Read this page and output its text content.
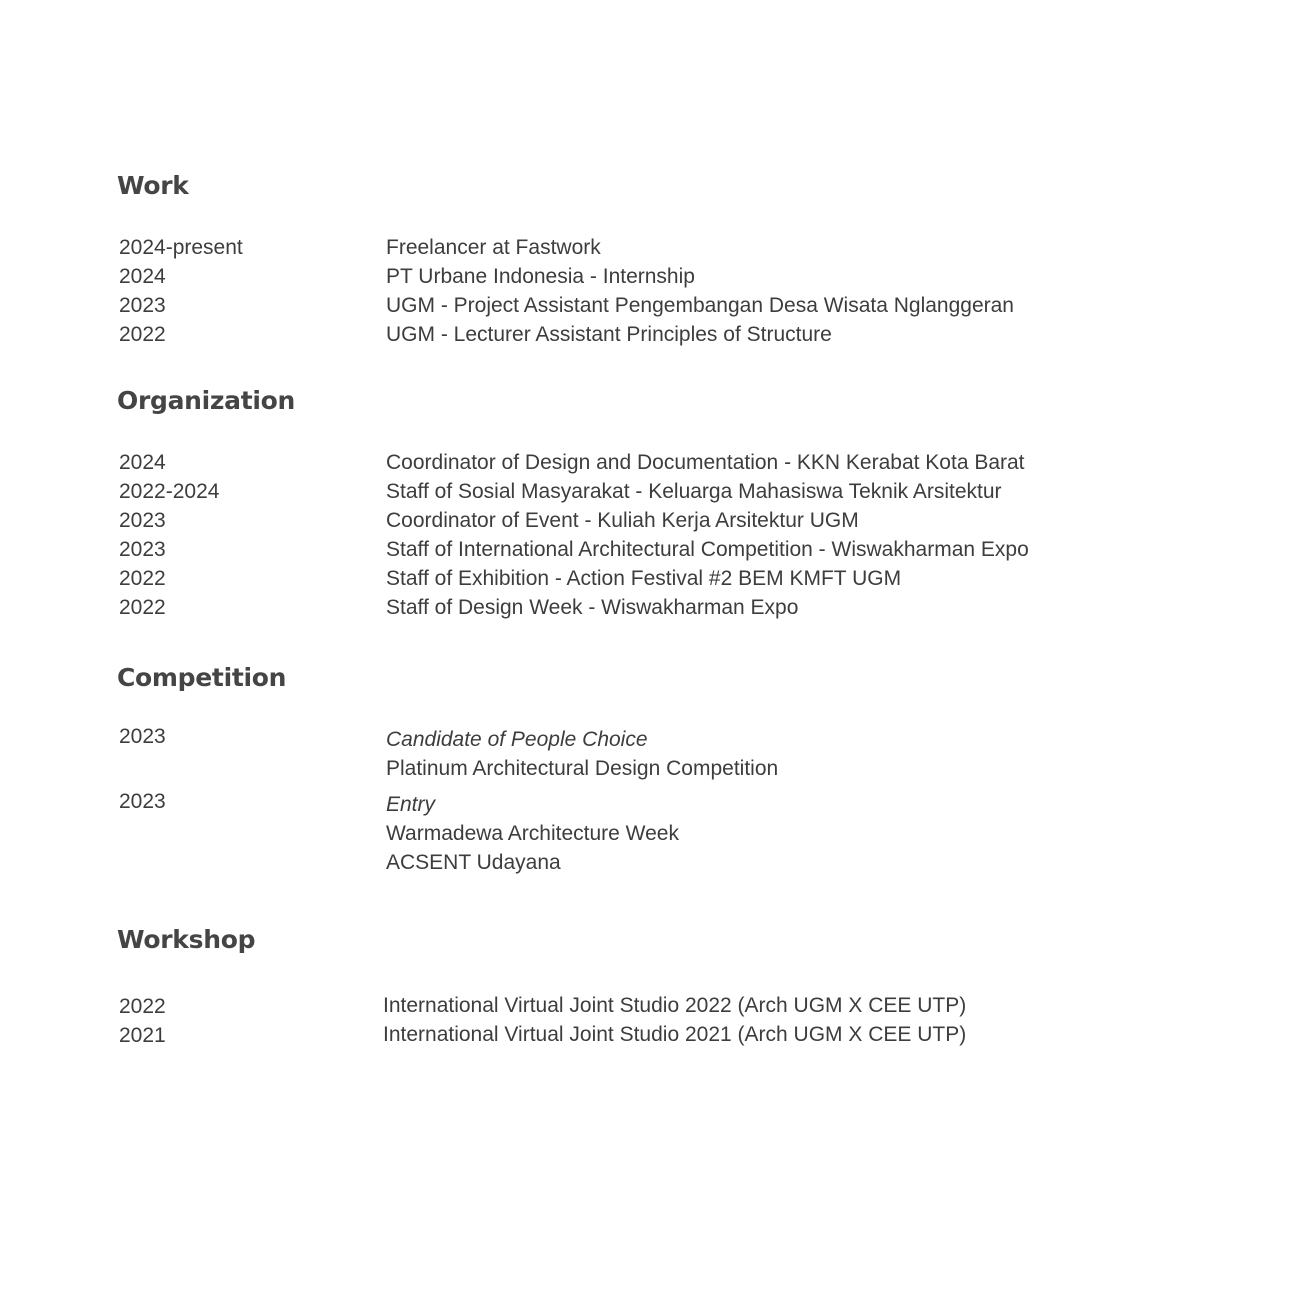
Work
2024-present	Freelancer at Fastwork
2024	PT Urbane Indonesia - Internship
2023	UGM - Project Assistant Pengembangan Desa Wisata Nglanggeran
2022	UGM - Lecturer Assistant Principles of Structure
Organization
2024	Coordinator of Design and Documentation - KKN Kerabat Kota Barat
2022-2024	Staff of Sosial Masyarakat - Keluarga Mahasiswa Teknik Arsitektur
2023	Coordinator of Event - Kuliah Kerja Arsitektur UGM
2023	Staff of International Architectural Competition - Wiswakharman Expo
2022	Staff of Exhibition - Action Festival #2 BEM KMFT UGM
2022	Staff of Design Week - Wiswakharman Expo
Competition
2023	Candidate of People Choice
Platinum Architectural Design Competition
2023	Entry
Warmadewa Architecture Week
ACSENT Udayana
Workshop
2022	International Virtual Joint Studio 2022 (Arch UGM X CEE UTP)
2021	International Virtual Joint Studio 2021 (Arch UGM X CEE UTP)
